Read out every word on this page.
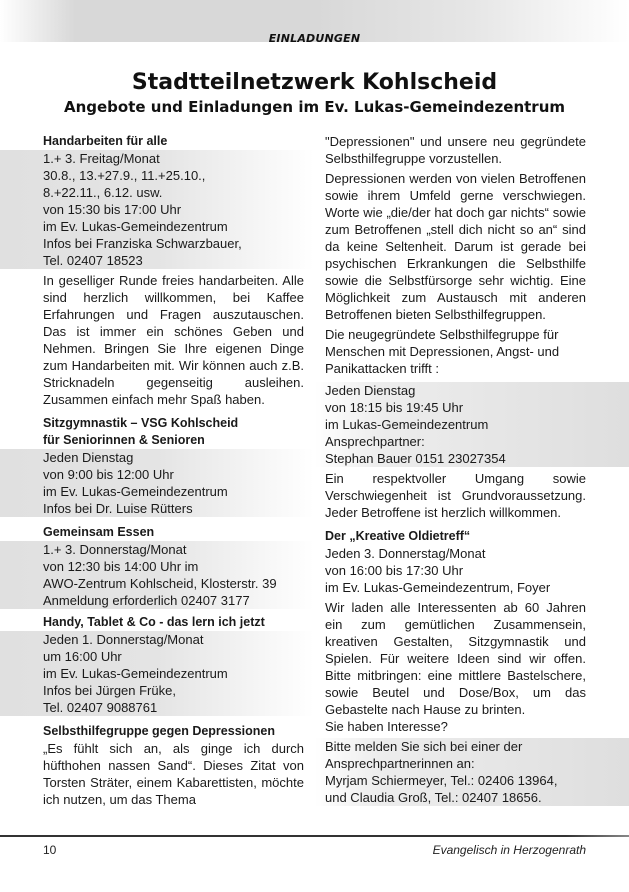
EINLADUNGEN
Stadtteilnetzwerk Kohlscheid
Angebote und Einladungen im Ev. Lukas-Gemeindezentrum
Handarbeiten für alle
1.+ 3. Freitag/Monat
30.8., 13.+27.9., 11.+25.10.,
8.+22.11., 6.12. usw.
von 15:30 bis 17:00 Uhr
im Ev. Lukas-Gemeindezentrum
Infos bei Franziska Schwarzbauer,
Tel. 02407 18523
In geselliger Runde freies handarbeiten. Alle sind herzlich willkommen, bei Kaffee Erfahrungen und Fragen auszutauschen. Das ist immer ein schönes Geben und Nehmen. Bringen Sie Ihre eigenen Dinge zum Handarbeiten mit. Wir können auch z.B. Stricknadeln gegenseitig ausleihen. Zusammen einfach mehr Spaß haben.
Sitzgymnastik – VSG Kohlscheid
für Seniorinnen & Senioren
Jeden Dienstag
von 9:00 bis 12:00 Uhr
im Ev. Lukas-Gemeindezentrum
Infos bei Dr. Luise Rütters
Gemeinsam Essen
1.+ 3. Donnerstag/Monat
von 12:30 bis 14:00 Uhr im
AWO-Zentrum Kohlscheid, Klosterstr. 39
Anmeldung erforderlich 02407 3177
Handy, Tablet & Co - das lern ich jetzt
Jeden 1. Donnerstag/Monat
um 16:00 Uhr
im Ev. Lukas-Gemeindezentrum
Infos bei Jürgen Früke,
Tel. 02407 9088761
Selbsthilfegruppe gegen Depressionen
„Es fühlt sich an, als ginge ich durch hüfthohen nassen Sand“. Dieses Zitat von Torsten Sträter, einem Kabarettisten, möchte ich nutzen, um das Thema
"Depressionen" und unsere neu gegründete Selbsthilfegruppe vorzustellen.
Depressionen werden von vielen Betroffenen sowie ihrem Umfeld gerne verschwiegen. Worte wie „die/der hat doch gar nichts“ sowie zum Betroffenen „stell dich nicht so an“ sind da keine Seltenheit. Darum ist gerade bei psychischen Erkrankungen die Selbsthilfe sowie die Selbstfürsorge sehr wichtig. Eine Möglichkeit zum Austausch mit anderen Betroffenen bieten Selbsthilfegruppen.
Die neugegründete Selbsthilfegruppe für Menschen mit Depressionen, Angst- und Panikattacken trifft :
Jeden Dienstag
von 18:15 bis 19:45 Uhr
im Lukas-Gemeindezentrum
Ansprechpartner:
Stephan Bauer 0151 23027354
Ein respektvoller Umgang sowie Verschwiegenheit ist Grundvoraussetzung. Jeder Betroffene ist herzlich willkommen.
Der „Kreative Oldietreff“
Jeden 3. Donnerstag/Monat
von 16:00 bis 17:30 Uhr
im Ev. Lukas-Gemeindezentrum, Foyer
Wir laden alle Interessenten ab 60 Jahren ein zum gemütlichen Zusammensein, kreativen Gestalten, Sitzgymnastik und Spielen. Für weitere Ideen sind wir offen. Bitte mitbringen: eine mittlere Bastelschere, sowie Beutel und Dose/Box, um das Gebastelte nach Hause zu brinten.
Sie haben Interesse?
Bitte melden Sie sich bei einer der
Ansprechpartnerinnen an:
Myrjam Schiermeyer, Tel.: 02406 13964,
und Claudia Groß, Tel.: 02407 18656.
10	Evangelisch in Herzogenrath
